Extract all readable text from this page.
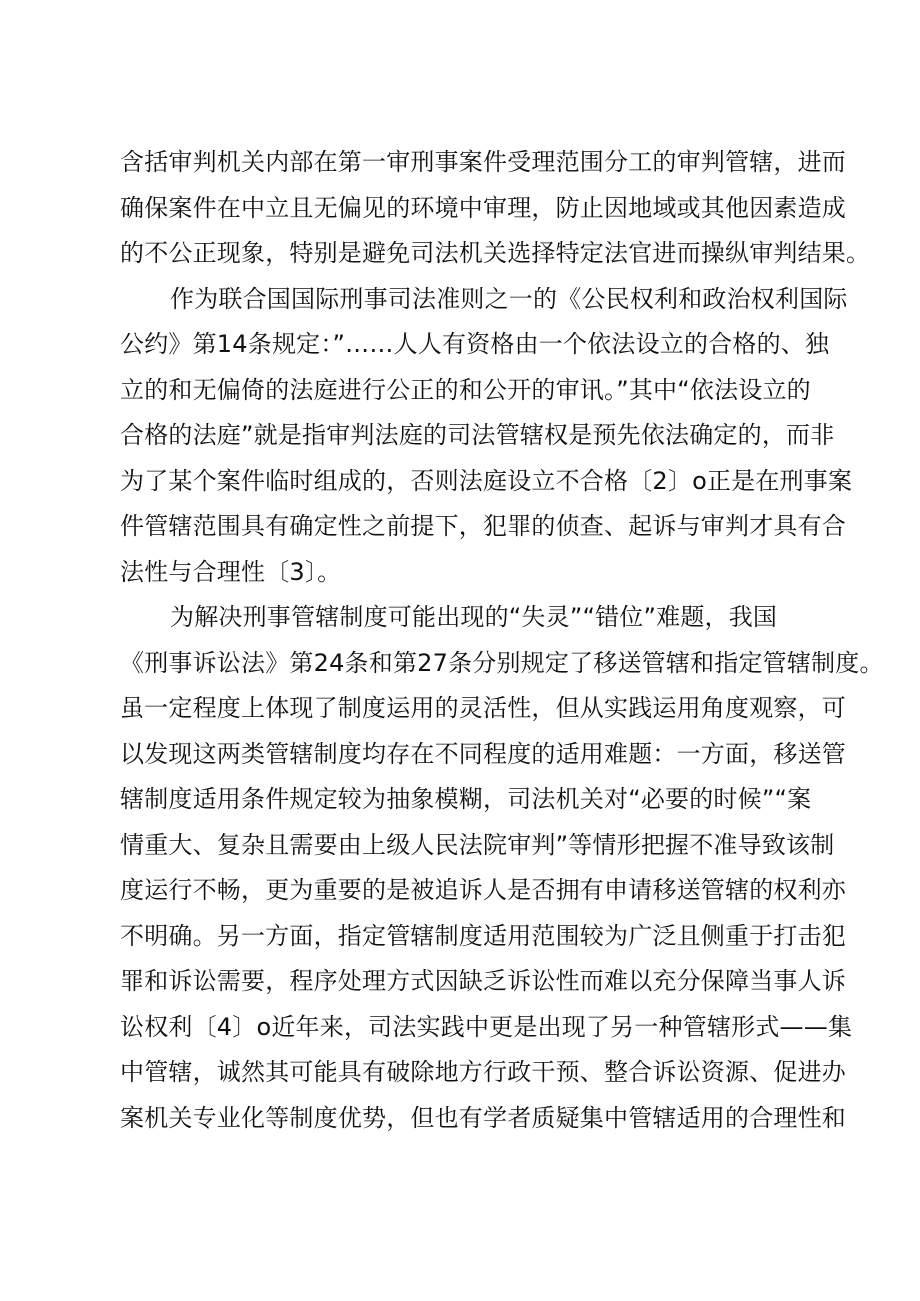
含括审判机关内部在第一审刑事案件受理范围分工的审判管辖，进而
确保案件在中立且无偏见的环境中审理，防止因地域或其他因素造成
的不公正现象，特别是避免司法机关选择特定法官进而操纵审判结果。
作为联合国国际刑事司法准则之一的《公民权利和政治权利国际
公约》第14条规定：”……人人有资格由一个依法设立的合格的、独
立的和无偏倚的法庭进行公正的和公开的审讯。”其中“依法设立的
合格的法庭”就是指审判法庭的司法管辖权是预先依法确定的，而非
为了某个案件临时组成的，否则法庭设立不合格〔2〕o正是在刑事案
件管辖范围具有确定性之前提下，犯罪的侦查、起诉与审判才具有合
法性与合理性〔3〕。
为解决刑事管辖制度可能出现的“失灵”“错位”难题，我国
《刑事诉讼法》第24条和第27条分别规定了移送管辖和指定管辖制度。
虽一定程度上体现了制度运用的灵活性，但从实践运用角度观察，可
以发现这两类管辖制度均存在不同程度的适用难题：一方面，移送管
辖制度适用条件规定较为抽象模糊，司法机关对“必要的时候”“案
情重大、复杂且需要由上级人民法院审判”等情形把握不准导致该制
度运行不畅，更为重要的是被追诉人是否拥有申请移送管辖的权利亦
不明确。另一方面，指定管辖制度适用范围较为广泛且侧重于打击犯
罪和诉讼需要，程序处理方式因缺乏诉讼性而难以充分保障当事人诉
讼权利〔4〕o近年来，司法实践中更是出现了另一种管辖形式——集
中管辖，诚然其可能具有破除地方行政干预、整合诉讼资源、促进办
案机关专业化等制度优势，但也有学者质疑集中管辖适用的合理性和
